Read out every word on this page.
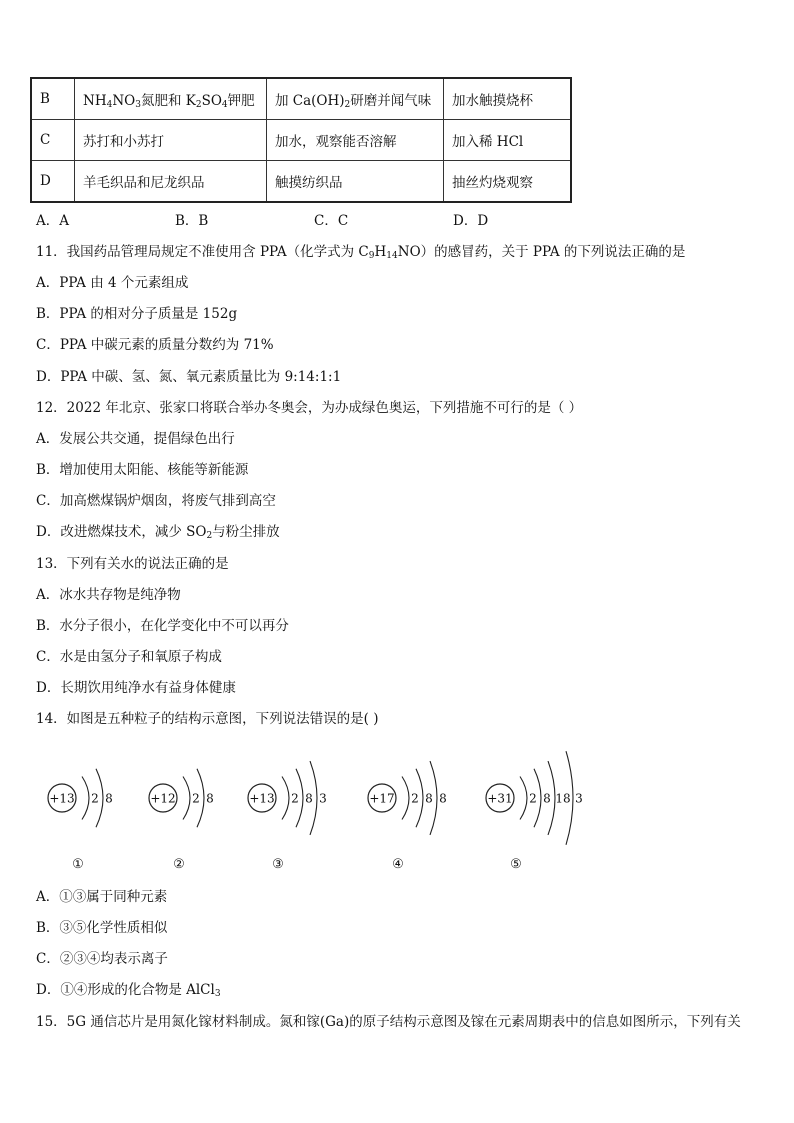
B	$NH_4NO_3$氮肥和 $K_2SO_4$钾肥	加 $Ca(OH)_2$研磨并闻气味	加水触摸烧杯
C	苏打和小苏打	加水，观察能否溶解	加入稀 HCl
D	羊毛织品和尼龙织品	触摸纺织品	抽丝灼烧观察
A．A	B．B	C．C	D．D
11．我国药品管理局规定不准使用含 PPA（化学式为 $C_9H_{14}NO$）的感冒药，关于 PPA 的下列说法正确的是
A．PPA 由 4 个元素组成
B．PPA 的相对分子质量是 152g
C．PPA 中碳元素的质量分数约为 71%
D．PPA 中碳、氢、氮、氧元素质量比为 9:14:1:1
12．2022 年北京、张家口将联合举办冬奥会，为办成绿色奥运，下列措施不可行的是（ ）
A．发展公共交通，提倡绿色出行
B．增加使用太阳能、核能等新能源
C．加高燃煤锅炉烟囱，将废气排到高空
D．改进燃煤技术，减少 $SO_2$与粉尘排放
13．下列有关水的说法正确的是
A．冰水共存物是纯净物
B．水分子很小，在化学变化中不可以再分
C．水是由氢分子和氧原子构成
D．长期饮用纯净水有益身体健康
14．如图是五种粒子的结构示意图，下列说法错误的是( )
+13 2 8
①
+12 2 8
②
+13 2 8 3
③
+17 2 8 8
④
+31 2 8 18 3
⑤
A．①③属于同种元素
B．③⑤化学性质相似
C．②③④均表示离子
D．①④形成的化合物是 AlCl$_3$
15．5G 通信芯片是用氮化镓材料制成。氮和镓(Ga)的原子结构示意图及镓在元素周期表中的信息如图所示，下列有关
